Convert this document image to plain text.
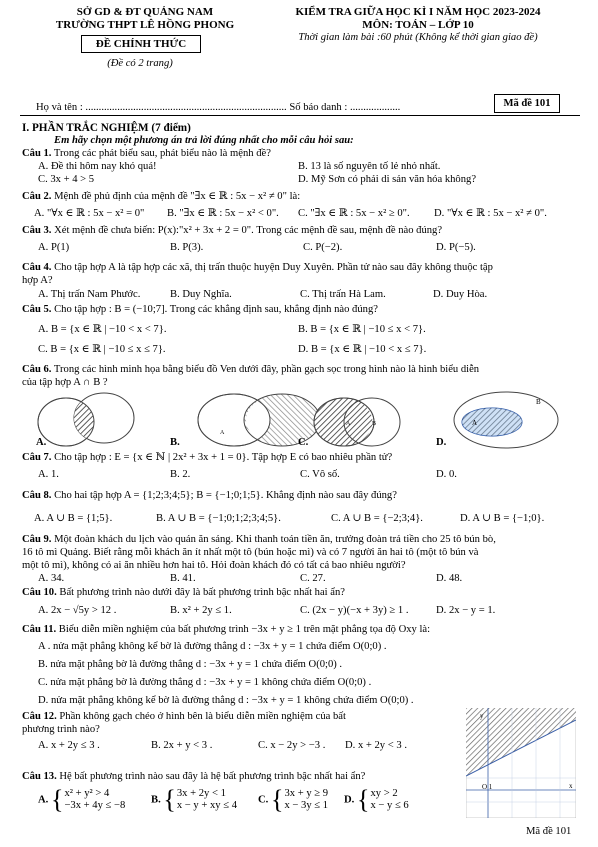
SỞ GD & ĐT QUẢNG NAM
TRƯỜNG THPT LÊ HỒNG PHONG
ĐỀ CHÍNH THỨC
(Đề có 2 trang)
KIỂM TRA GIỮA HỌC KÌ I NĂM HỌC 2023-2024
MÔN: TOÁN – LỚP 10
Thời gian làm bài :60 phút (Không kể thời gian giao đề)
Họ và tên : ............................................................................ Số báo danh : ...................	Mã đề 101
I. PHẦN TRẮC NGHIỆM (7 điểm)
Em hãy chọn một phương án trả lời đúng nhất cho mỗi câu hỏi sau:
Câu 1. Trong các phát biểu sau, phát biểu nào là mệnh đề?
A. Đề thi hôm nay khó quá!	B. 13 là số nguyên tố lẻ nhỏ nhất.
C. 3x + 4 > 5	D. Mỹ Sơn có phải di sản văn hóa không?
Câu 2. Mệnh đề phủ định của mệnh đề "∃x ∈ ℝ : 5x − x² ≠ 0" là:
A. "∀x ∈ ℝ : 5x − x² = 0" B. "∃x ∈ ℝ : 5x − x² < 0". C. "∃x ∈ ℝ : 5x − x² ≥ 0". D. "∀x ∈ ℝ : 5x − x² ≠ 0".
Câu 3. Xét mệnh đề chưa biến: P(x):"x² + 3x + 2 = 0". Trong các mệnh đề sau, mệnh đề nào đúng?
A. P(1)	B. P(3).	C. P(−2).	D. P(−5).
Câu 4. Cho tập hợp A là tập hợp các xã, thị trấn thuộc huyện Duy Xuyên. Phần tử nào sau đây không thuộc tập
hợp A?
A. Thị trấn Nam Phước.	B. Duy Nghĩa.	C. Thị trấn Hà Lam.	D. Duy Hòa.
Câu 5. Cho tập hợp : B = (−10;7]. Trong các khẳng định sau, khẳng định nào đúng?
A. B = {x ∈ ℝ | −10 < x < 7}.	B. B = {x ∈ ℝ | −10 ≤ x < 7}.
C. B = {x ∈ ℝ | −10 ≤ x ≤ 7}.	D. B = {x ∈ ℝ | −10 < x ≤ 7}.
Câu 6. Trong các hình minh họa bằng biểu đồ Ven dưới đây, phần gạch sọc trong hình nào là hình biểu diễn
của tập hợp A ∩ B ?
A
A	B	A
B
A.	B.	C.	D.
Câu 7. Cho tập hợp : E = {x ∈ ℕ | 2x² + 3x + 1 = 0}. Tập hợp E có bao nhiêu phần tử?
A. 1.	B. 2.	C. Vô số.	D. 0.
Câu 8. Cho hai tập hợp A = {1;2;3;4;5}; B = {−1;0;1;5}. Khẳng định nào sau đây đúng?
A. A ∪ B = {1;5}.	B. A ∪ B = {−1;0;1;2;3;4;5}.	C. A ∪ B = {−2;3;4}.	D. A ∪ B = {−1;0}.
Câu 9. Một đoàn khách du lịch vào quán ăn sáng. Khi thanh toán tiền ăn, trưởng đoàn trả tiền cho 25 tô bún bò,
16 tô mì Quảng. Biết rằng mỗi khách ăn ít nhất một tô (bún hoặc mì) và có 7 người ăn hai tô (một tô bún và
một tô mì), không có ai ăn nhiều hơn hai tô. Hỏi đoàn khách đó có tất cả bao nhiêu người?
A. 34.	B. 41.	C. 27.	D. 48.
Câu 10. Bất phương trình nào dưới đây là bất phương trình bậc nhất hai ẩn?
A. 2x − √5y > 12 .	B. x² + 2y ≤ 1.	C. (2x − y)(−x + 3y) ≥ 1 .	D. 2x − y = 1.
Câu 11. Biểu diễn miền nghiệm của bất phương trình −3x + y ≥ 1 trên mặt phẳng tọa độ Oxy là:
A . nửa mặt phẳng không kể bờ là đường thẳng d : −3x + y = 1 chứa điểm O(0;0) .
B. nửa mặt phẳng bờ là đường thẳng d : −3x + y = 1 chứa điểm O(0;0) .
C. nửa mặt phẳng bờ là đường thẳng d : −3x + y = 1 không chứa điểm O(0;0) .
D. nửa mặt phẳng không kể bờ là đường thẳng d : −3x + y = 1 không chứa điểm O(0;0) .
Câu 12. Phần không gạch chéo ở hình bên là biểu diễn miền nghiệm của bất
phương trình nào?
A. x + 2y ≤ 3 .	B. 2x + y < 3 .	C. x − 2y > −3 . D. x + 2y < 3 .
O 1
y
x
Câu 13. Hệ bất phương trình nào sau đây là hệ bất phương trình bậc nhất hai ẩn?
A. {x² + y² > 4
−3x + 4y ≤ −8
B. {3x + 2y < 1
x − y + xy ≤ 4
C. {3x + y ≥ 9
x − 3y ≤ 1
D. {xy > 2
x − y ≤ 6
Mã đề 101
